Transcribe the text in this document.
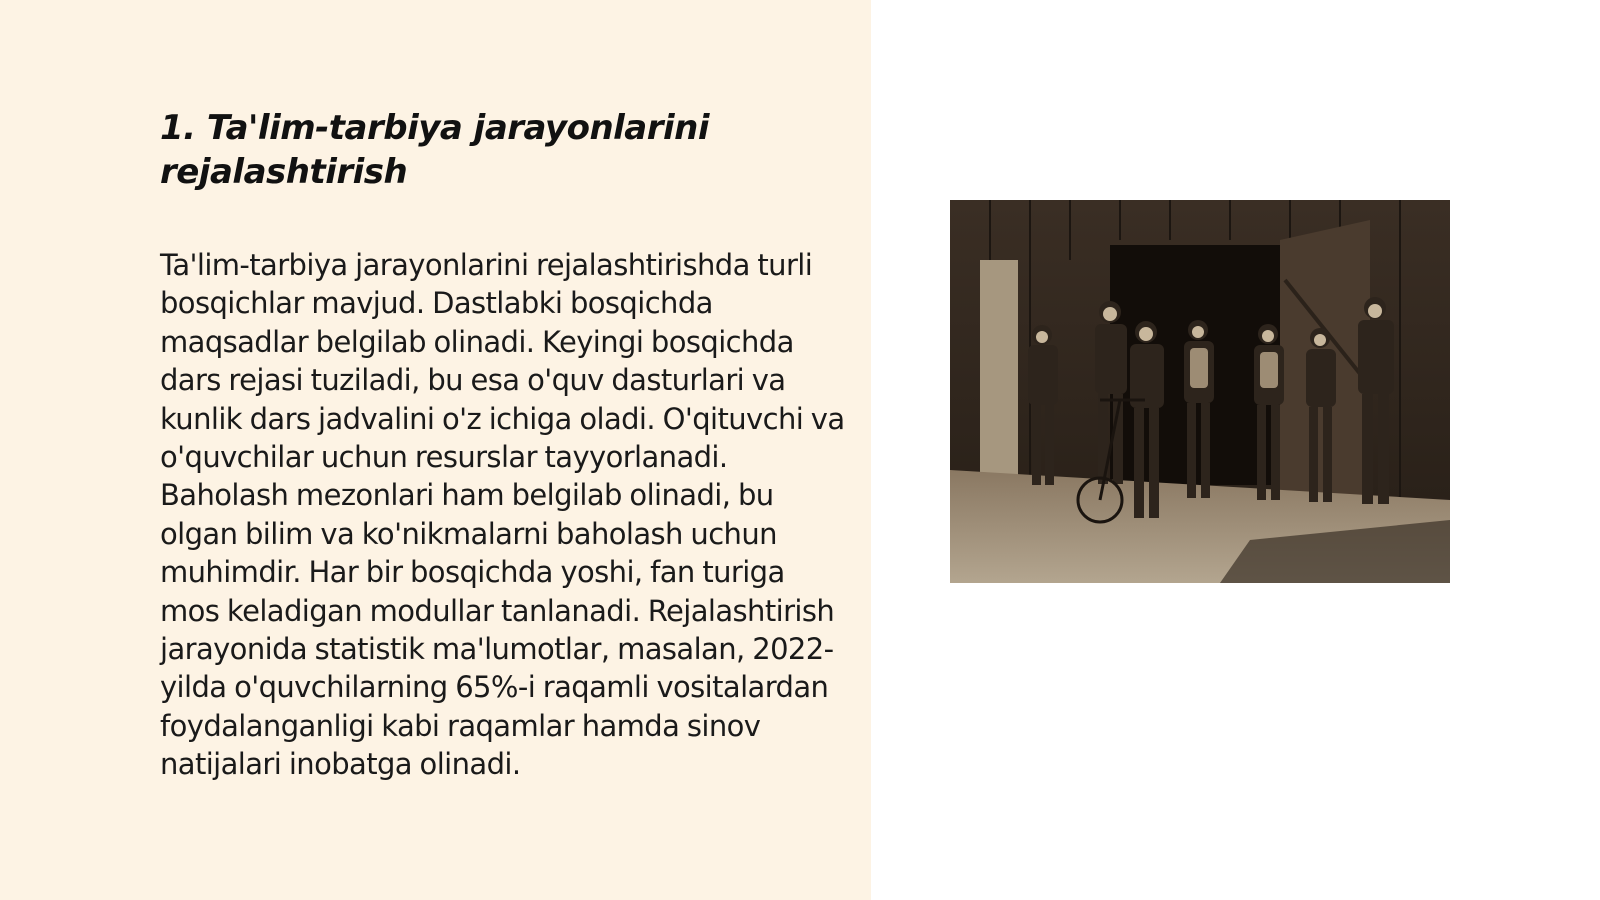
1. Ta'lim-tarbiya jarayonlarini rejalashtirish

Ta'lim-tarbiya jarayonlarini rejalashtirishda turli bosqichlar mavjud. Dastlabki bosqichda maqsadlar belgilab olinadi. Keyingi bosqichda dars rejasi tuziladi, bu esa o'quv dasturlari va kunlik dars jadvalini o'z ichiga oladi. O'qituvchi va o'quvchilar uchun resurslar tayyorlanadi. Baholash mezonlari ham belgilab olinadi, bu olgan bilim va ko'nikmalarni baholash uchun muhimdir. Har bir bosqichda yoshi, fan turiga mos keladigan modullar tanlanadi. Rejalashtirish jarayonida statistik ma'lumotlar, masalan, 2022-yilda o'quvchilarning 65%-i raqamli vositalardan foydalanganligi kabi raqamlar hamda sinov natijalari inobatga olinadi.
